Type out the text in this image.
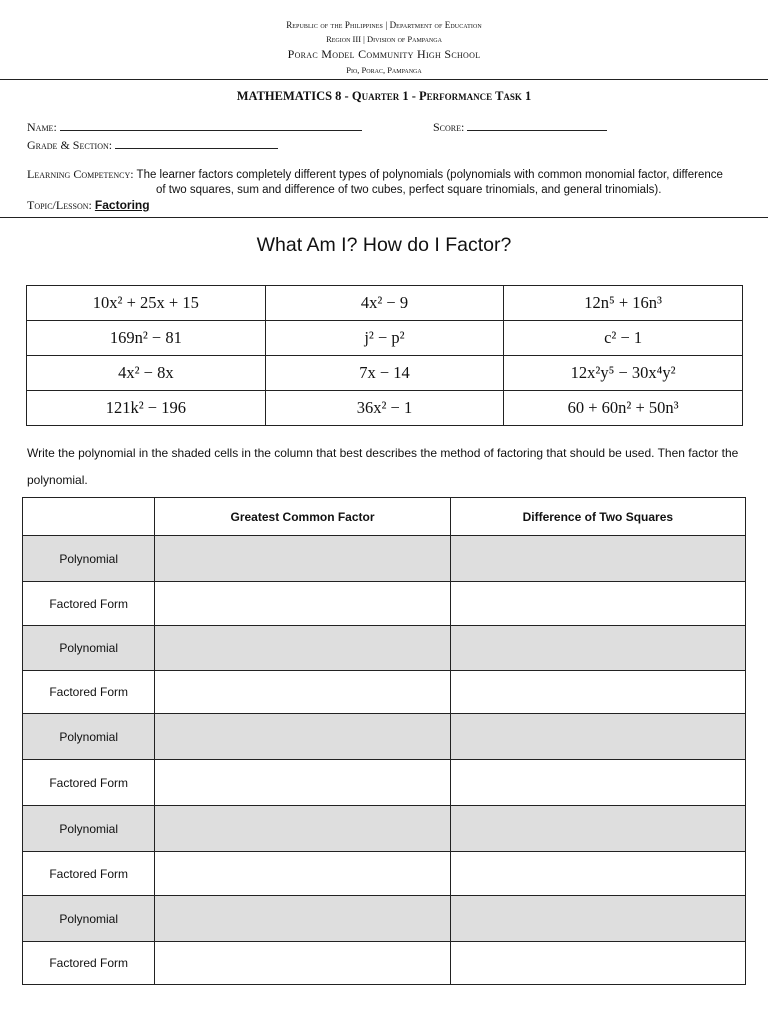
Republic of the Philippines | Department of Education
Region III | Division of Pampanga
Porac Model Community High School
Pio, Porac, Pampanga
MATHEMATICS 8 - Quarter 1 - Performance Task 1
Name:	Score:
Grade & Section:
Learning Competency: The learner factors completely different types of polynomials (polynomials with common monomial factor, difference
of two squares, sum and difference of two cubes, perfect square trinomials, and general trinomials).
Topic/Lesson: Factoring
What Am I? How do I Factor?
10x² + 25x + 15	4x² − 9	12n⁵ + 16n³
169n² − 81	j² − p²	c² − 1
4x² − 8x	7x − 14	12x²y⁵ − 30x⁴y²
121k² − 196	36x² − 1	60 + 60n² + 50n³
Write the polynomial in the shaded cells in the column that best describes the method of factoring that should be used. Then factor the polynomial.
	Greatest Common Factor	Difference of Two Squares
Polynomial		
Factored Form		
Polynomial		
Factored Form		
Polynomial		
Factored Form		
Polynomial		
Factored Form		
Polynomial		
Factored Form		
